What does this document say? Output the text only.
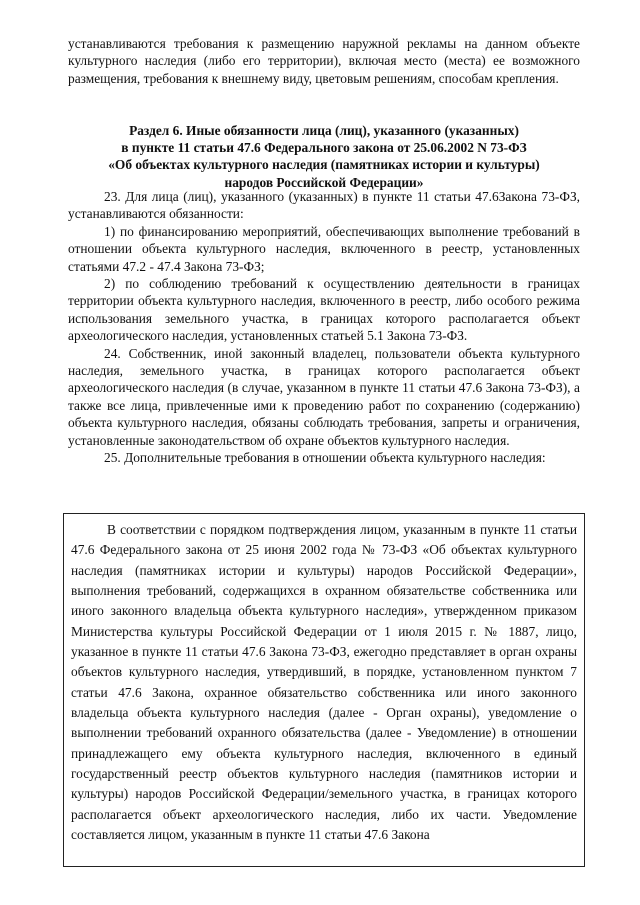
устанавливаются требования к размещению наружной рекламы на данном объекте культурного наследия (либо его территории), включая место (места) ее возможного размещения, требования к внешнему виду, цветовым решениям, способам крепления.

Раздел 6. Иные обязанности лица (лиц), указанного (указанных)

в пункте 11 статьи 47.6 Федерального закона от 25.06.2002 N 73-ФЗ

«Об объектах культурного наследия (памятниках истории и культуры)

народов Российской Федерации»

23. Для лица (лиц), указанного (указанных) в пункте 11 статьи 47.6Закона 73-ФЗ, устанавливаются обязанности:

1) по финансированию мероприятий, обеспечивающих выполнение требований в отношении объекта культурного наследия, включенного в реестр, установленных статьями 47.2 - 47.4 Закона 73-ФЗ;

2) по соблюдению требований к осуществлению деятельности в границах территории объекта культурного наследия, включенного в реестр, либо особого режима использования земельного участка, в границах которого располагается объект археологического наследия, установленных статьей 5.1 Закона 73-ФЗ.

24. Собственник, иной законный владелец, пользователи объекта культурного наследия, земельного участка, в границах которого располагается объект археологического наследия (в случае, указанном в пункте 11 статьи 47.6 Закона 73-ФЗ), а также все лица, привлеченные ими к проведению работ по сохранению (содержанию) объекта культурного наследия, обязаны соблюдать требования, запреты и ограничения, установленные законодательством об охране объектов культурного наследия.

25. Дополнительные требования в отношении объекта культурного наследия:

В соответствии с порядком подтверждения лицом, указанным в пункте 11 статьи 47.6 Федерального закона от 25 июня 2002 года № 73-ФЗ «Об объектах культурного наследия (памятниках истории и культуры) народов Российской Федерации», выполнения требований, содержащихся в охранном обязательстве собственника или иного законного владельца объекта культурного наследия», утвержденном приказом Министерства культуры Российской Федерации от 1 июля 2015 г. № 1887, лицо, указанное в пункте 11 статьи 47.6 Закона 73-ФЗ, ежегодно представляет в орган охраны объектов культурного наследия, утвердивший, в порядке, установленном пунктом 7 статьи 47.6 Закона, охранное обязательство собственника или иного законного владельца объекта культурного наследия (далее - Орган охраны), уведомление о выполнении требований охранного обязательства (далее - Уведомление) в отношении принадлежащего ему объекта культурного наследия, включенного в единый государственный реестр объектов культурного наследия (памятников истории и культуры) народов Российской Федерации/земельного участка, в границах которого располагается объект археологического наследия, либо их части. Уведомление составляется лицом, указанным в пункте 11 статьи 47.6 Закона
